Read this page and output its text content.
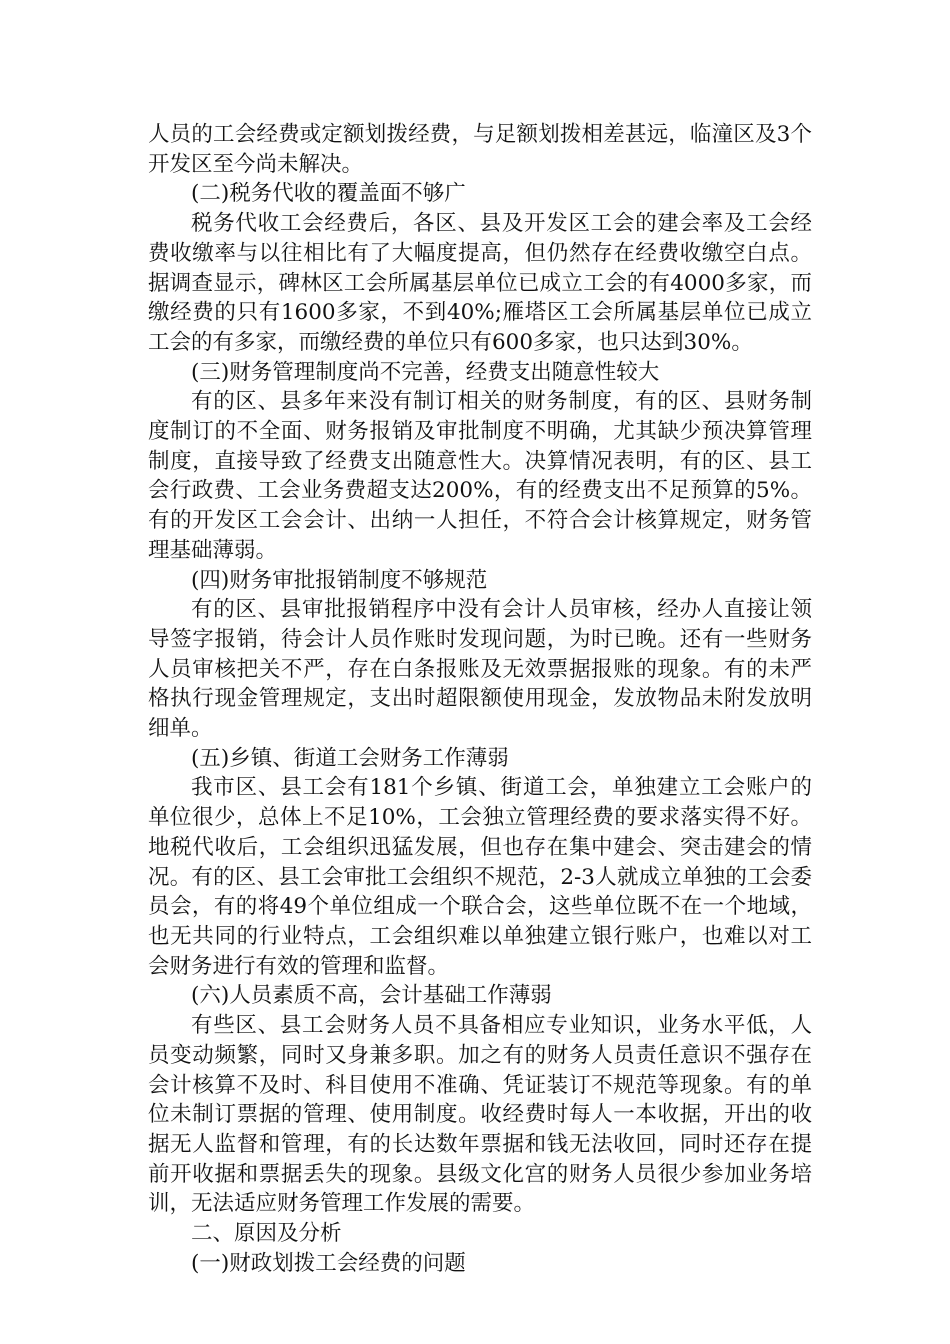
人员的工会经费或定额划拨经费，与足额划拨相差甚远，临潼区及3个开发区至今尚未解决。

(二)税务代收的覆盖面不够广

税务代收工会经费后，各区、县及开发区工会的建会率及工会经费收缴率与以往相比有了大幅度提高，但仍然存在经费收缴空白点。据调查显示，碑林区工会所属基层单位已成立工会的有4000多家，而缴经费的只有1600多家，不到40%;雁塔区工会所属基层单位已成立工会的有多家，而缴经费的单位只有600多家，也只达到30%。

(三)财务管理制度尚不完善，经费支出随意性较大

有的区、县多年来没有制订相关的财务制度，有的区、县财务制度制订的不全面、财务报销及审批制度不明确，尤其缺少预决算管理制度，直接导致了经费支出随意性大。决算情况表明，有的区、县工会行政费、工会业务费超支达200%，有的经费支出不足预算的5%。有的开发区工会会计、出纳一人担任，不符合会计核算规定，财务管理基础薄弱。

(四)财务审批报销制度不够规范

有的区、县审批报销程序中没有会计人员审核，经办人直接让领导签字报销，待会计人员作账时发现问题，为时已晚。还有一些财务人员审核把关不严，存在白条报账及无效票据报账的现象。有的未严格执行现金管理规定，支出时超限额使用现金，发放物品未附发放明细单。

(五)乡镇、街道工会财务工作薄弱

我市区、县工会有181个乡镇、街道工会，单独建立工会账户的单位很少，总体上不足10%，工会独立管理经费的要求落实得不好。地税代收后，工会组织迅猛发展，但也存在集中建会、突击建会的情况。有的区、县工会审批工会组织不规范，2-3人就成立单独的工会委员会，有的将49个单位组成一个联合会，这些单位既不在一个地域，也无共同的行业特点，工会组织难以单独建立银行账户，也难以对工会财务进行有效的管理和监督。

(六)人员素质不高，会计基础工作薄弱

有些区、县工会财务人员不具备相应专业知识，业务水平低，人员变动频繁，同时又身兼多职。加之有的财务人员责任意识不强存在会计核算不及时、科目使用不准确、凭证装订不规范等现象。有的单位未制订票据的管理、使用制度。收经费时每人一本收据，开出的收据无人监督和管理，有的长达数年票据和钱无法收回，同时还存在提前开收据和票据丢失的现象。县级文化宫的财务人员很少参加业务培训，无法适应财务管理工作发展的需要。

二、原因及分析

(一)财政划拨工会经费的问题
